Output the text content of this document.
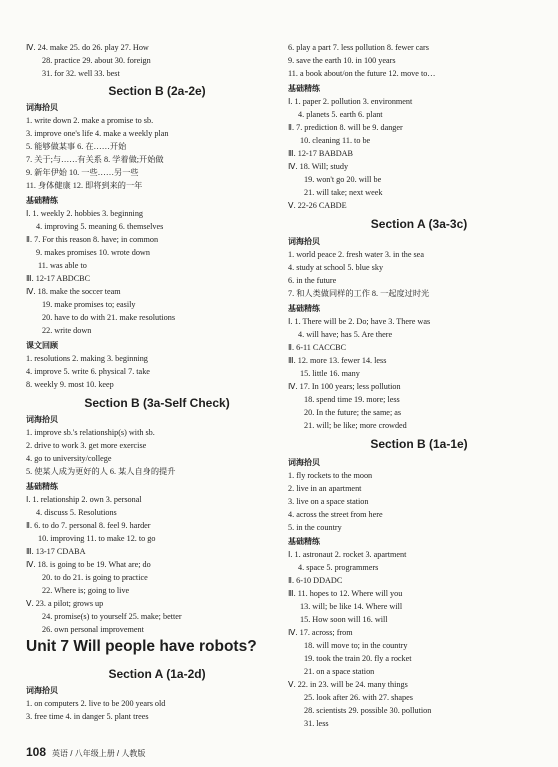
Ⅳ. 24. make 25. do 26. play 27. How
28. practice 29. about 30. foreign
31. for 32. well 33. best
Section B (2a-2e)
词海拾贝
1. write down 2. make a promise to sb.
3. improve one's life 4. make a weekly plan
5. 能够做某事 6. 在……开始
7. 关于;与……有关系 8. 学着做;开始做
9. 新年伊始 10. 一些……另一些
11. 身体健康 12. 即将到来的一年
基础精练
Ⅰ. 1. weekly 2. hobbies 3. beginning
4. improving 5. meaning 6. themselves
Ⅱ. 7. For this reason 8. have; in common
9. makes promises 10. wrote down
11. was able to
Ⅲ. 12-17 ABDCBC
Ⅳ. 18. make the soccer team
19. make promises to; easily
20. have to do with 21. make resolutions
22. write down
课文回顾
1. resolutions 2. making 3. beginning
4. improve 5. write 6. physical 7. take
8. weekly 9. most 10. keep
Section B (3a-Self Check)
词海拾贝
1. improve sb.'s relationship(s) with sb.
2. drive to work 3. get more exercise
4. go to university/college
5. 使某人成为更好的人 6. 某人自身的提升
基础精练
Ⅰ. 1. relationship 2. own 3. personal
4. discuss 5. Resolutions
Ⅱ. 6. to do 7. personal 8. feel 9. harder
10. improving 11. to make 12. to go
Ⅲ. 13-17 CDABA
Ⅳ. 18. is going to be 19. What are; do
20. to do 21. is going to practice
22. Where is; going to live
Ⅴ. 23. a pilot; grows up
24. promise(s) to yourself 25. make; better
26. own personal improvement
Unit 7 Will people have robots?
Section A (1a-2d)
词海拾贝
1. on computers 2. live to be 200 years old
3. free time 4. in danger 5. plant trees
6. play a part 7. less pollution 8. fewer cars
9. save the earth 10. in 100 years
11. a book about/on the future 12. move to…
基础精练
Ⅰ. 1. paper 2. pollution 3. environment
4. planets 5. earth 6. plant
Ⅱ. 7. prediction 8. will be 9. danger
10. cleaning 11. to be
Ⅲ. 12-17 BABDAB
Ⅳ. 18. Will; study
19. won't go 20. will be
21. will take; next week
Ⅴ. 22-26 CABDE
Section A (3a-3c)
词海拾贝
1. world peace 2. fresh water 3. in the sea
4. study at school 5. blue sky
6. in the future
7. 和人类做同样的工作 8. 一起度过时光
基础精练
Ⅰ. 1. There will be 2. Do; have 3. There was
4. will have; has 5. Are there
Ⅱ. 6-11 CACCBC
Ⅲ. 12. more 13. fewer 14. less
15. little 16. many
Ⅳ. 17. In 100 years; less pollution
18. spend time 19. more; less
20. In the future; the same; as
21. will; be like; more crowded
Section B (1a-1e)
词海拾贝
1. fly rockets to the moon
2. live in an apartment
3. live on a space station
4. across the street from here
5. in the country
基础精练
Ⅰ. 1. astronaut 2. rocket 3. apartment
4. space 5. programmers
Ⅱ. 6-10 DDADC
Ⅲ. 11. hopes to 12. Where will you
13. will; be like 14. Where will
15. How soon will 16. will
Ⅳ. 17. across; from
18. will move to; in the country
19. took the train 20. fly a rocket
21. on a space station
Ⅴ. 22. in 23. will be 24. many things
25. look after 26. with 27. shapes
28. scientists 29. possible 30. pollution
31. less
108 英语 / 八年级上册 / 人教版
